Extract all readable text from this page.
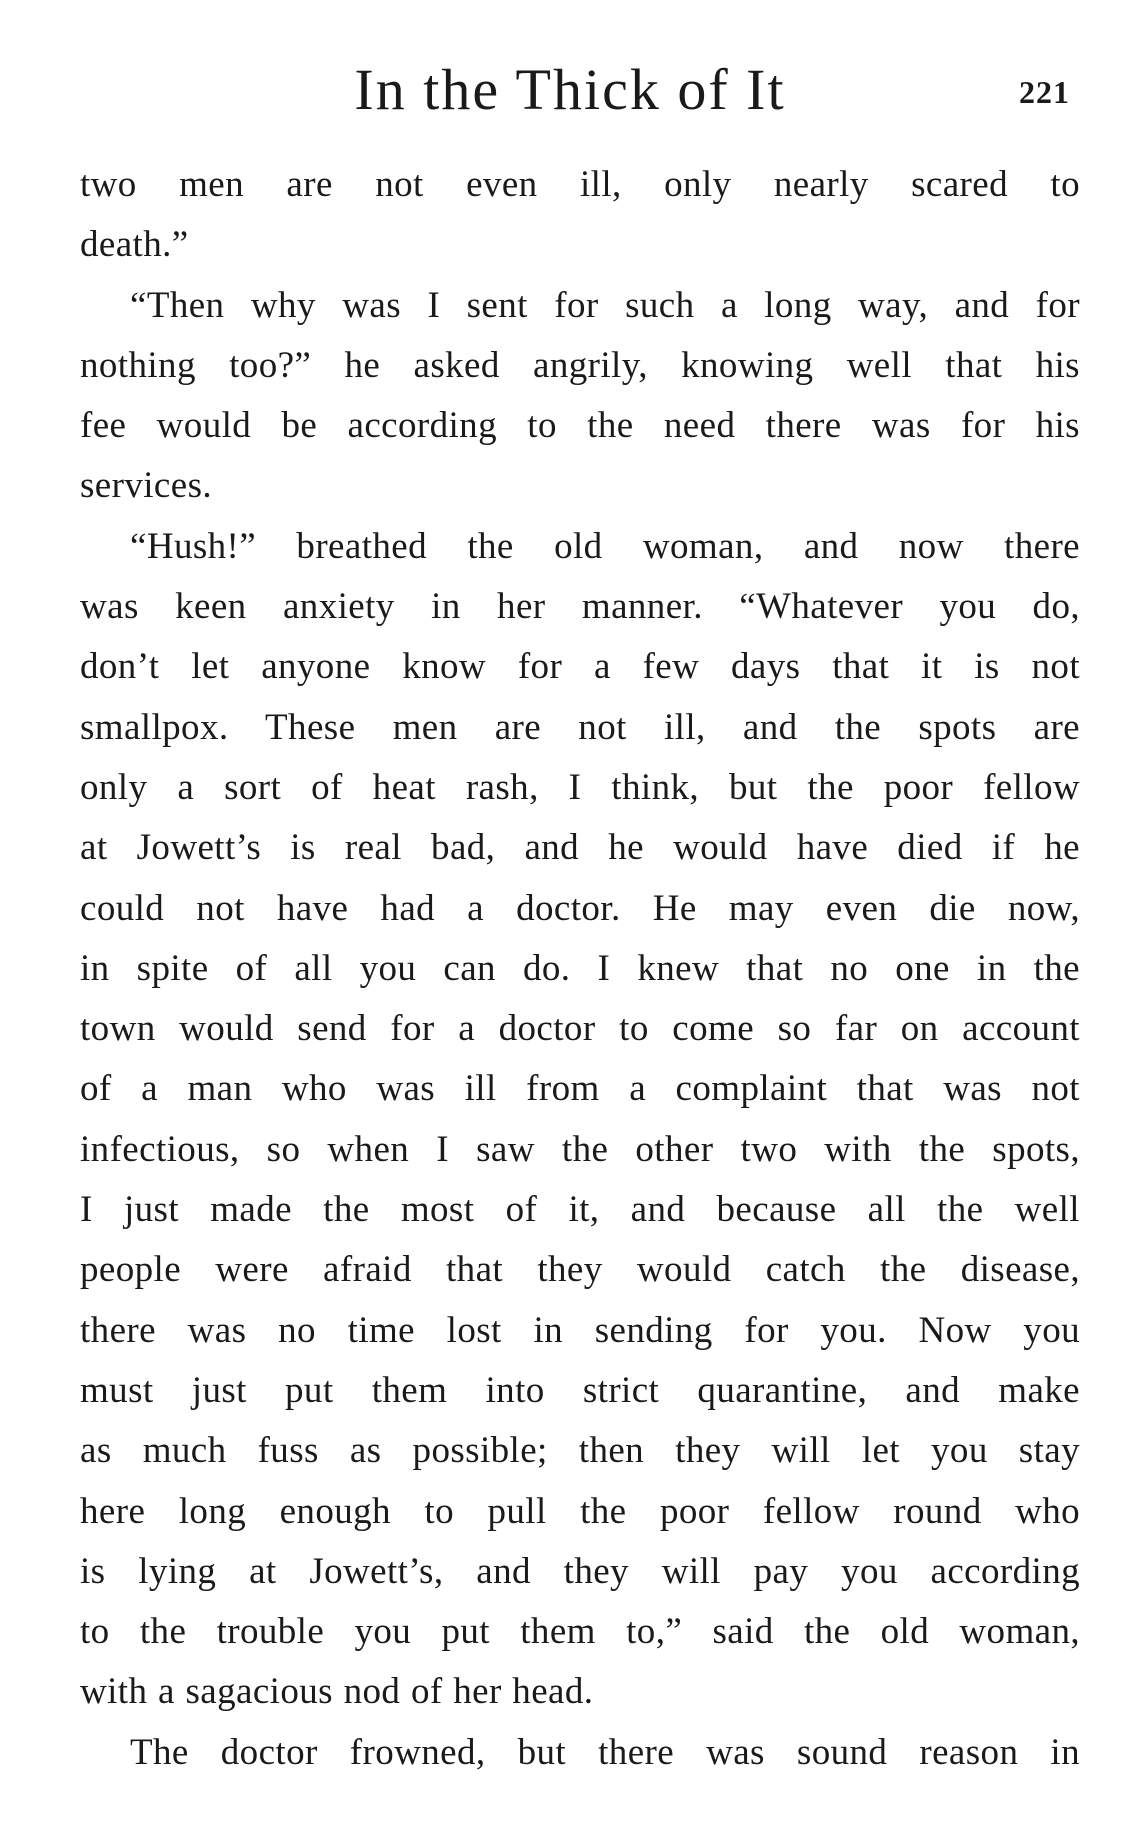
In the Thick of It	221
two men are not even ill, only nearly scared to
death.”
“Then why was I sent for such a long way, and for
nothing too?” he asked angrily, knowing well that his
fee would be according to the need there was for his
services.
“Hush!” breathed the old woman, and now there
was keen anxiety in her manner. “Whatever you do,
don’t let anyone know for a few days that it is not
smallpox. These men are not ill, and the spots are
only a sort of heat rash, I think, but the poor fellow
at Jowett’s is real bad, and he would have died if he
could not have had a doctor. He may even die now,
in spite of all you can do. I knew that no one in the
town would send for a doctor to come so far on account
of a man who was ill from a complaint that was not
infectious, so when I saw the other two with the spots,
I just made the most of it, and because all the well
people were afraid that they would catch the disease,
there was no time lost in sending for you. Now you
must just put them into strict quarantine, and make
as much fuss as possible; then they will let you stay
here long enough to pull the poor fellow round who
is lying at Jowett’s, and they will pay you according
to the trouble you put them to,” said the old woman,
with a sagacious nod of her head.
The doctor frowned, but there was sound reason in
